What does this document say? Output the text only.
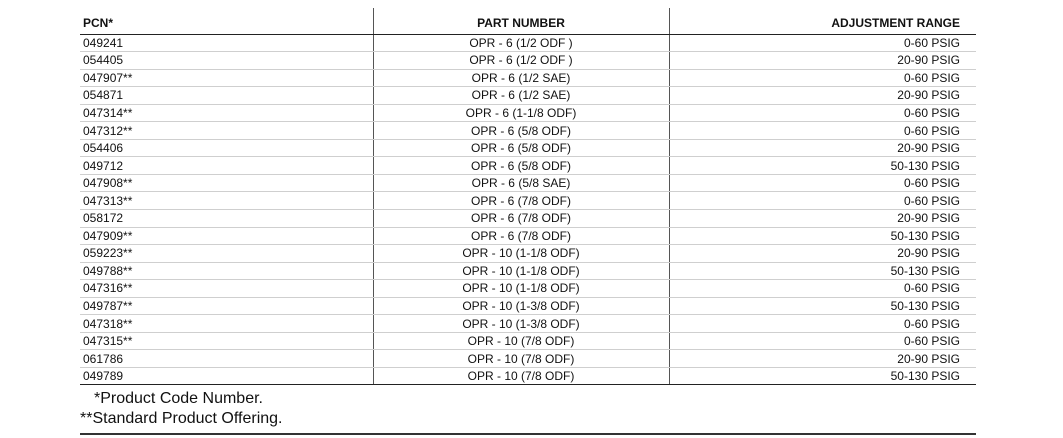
PCN*	PART NUMBER	ADJUSTMENT RANGE
049241	OPR - 6 (1/2 ODF )	0-60 PSIG
054405	OPR - 6 (1/2 ODF )	20-90 PSIG
047907**	OPR - 6 (1/2 SAE)	0-60 PSIG
054871	OPR - 6 (1/2 SAE)	20-90 PSIG
047314**	OPR - 6 (1-1/8 ODF)	0-60 PSIG
047312**	OPR - 6 (5/8 ODF)	0-60 PSIG
054406	OPR - 6 (5/8 ODF)	20-90 PSIG
049712	OPR - 6 (5/8 ODF)	50-130 PSIG
047908**	OPR - 6 (5/8 SAE)	0-60 PSIG
047313**	OPR - 6 (7/8 ODF)	0-60 PSIG
058172	OPR - 6 (7/8 ODF)	20-90 PSIG
047909**	OPR - 6 (7/8 ODF)	50-130 PSIG
059223**	OPR - 10 (1-1/8 ODF)	20-90 PSIG
049788**	OPR - 10 (1-1/8 ODF)	50-130 PSIG
047316**	OPR - 10 (1-1/8 ODF)	0-60 PSIG
049787**	OPR - 10 (1-3/8 ODF)	50-130 PSIG
047318**	OPR - 10 (1-3/8 ODF)	0-60 PSIG
047315**	OPR - 10 (7/8 ODF)	0-60 PSIG
061786	OPR - 10 (7/8 ODF)	20-90 PSIG
049789	OPR - 10 (7/8 ODF)	50-130 PSIG
*Product Code Number.
**Standard Product Offering.
